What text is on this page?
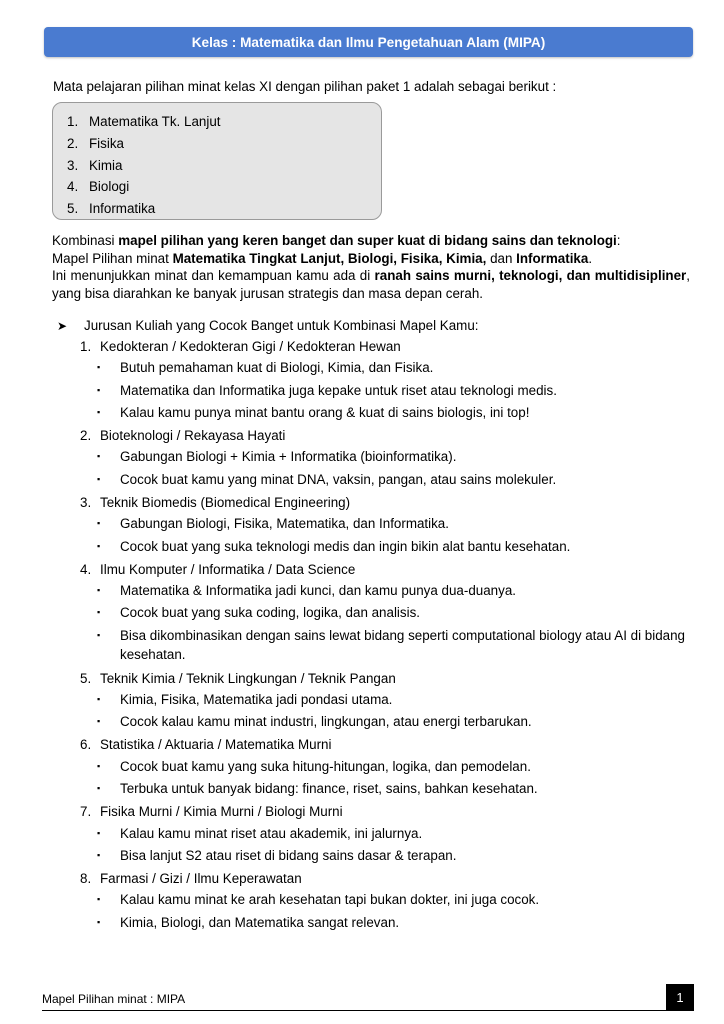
Kelas : Matematika dan Ilmu Pengetahuan Alam (MIPA)
Mata pelajaran pilihan minat kelas XI dengan pilihan paket 1 adalah sebagai berikut :
1. Matematika Tk. Lanjut
2. Fisika
3. Kimia
4. Biologi
5. Informatika

Kombinasi mapel pilihan yang keren banget dan super kuat di bidang sains dan teknologi:

Mapel Pilihan minat Matematika Tingkat Lanjut, Biologi, Fisika, Kimia, dan Informatika.

Ini menunjukkan minat dan kemampuan kamu ada di ranah sains murni, teknologi, dan multidisipliner, yang bisa diarahkan ke banyak jurusan strategis dan masa depan cerah.

➤	Jurusan Kuliah yang Cocok Banget untuk Kombinasi Mapel Kamu:
1. Kedokteran / Kedokteran Gigi / Kedokteran Hewan
▪	Butuh pemahaman kuat di Biologi, Kimia, dan Fisika.
▪	Matematika dan Informatika juga kepake untuk riset atau teknologi medis.
▪	Kalau kamu punya minat bantu orang & kuat di sains biologis, ini top!
2. Bioteknologi / Rekayasa Hayati
▪	Gabungan Biologi + Kimia + Informatika (bioinformatika).
▪	Cocok buat kamu yang minat DNA, vaksin, pangan, atau sains molekuler.
3. Teknik Biomedis (Biomedical Engineering)
▪	Gabungan Biologi, Fisika, Matematika, dan Informatika.
▪	Cocok buat yang suka teknologi medis dan ingin bikin alat bantu kesehatan.
4. Ilmu Komputer / Informatika / Data Science
▪	Matematika & Informatika jadi kunci, dan kamu punya dua-duanya.
▪	Cocok buat yang suka coding, logika, dan analisis.
▪	Bisa dikombinasikan dengan sains lewat bidang seperti computational biology atau AI di bidang kesehatan.
5. Teknik Kimia / Teknik Lingkungan / Teknik Pangan
▪	Kimia, Fisika, Matematika jadi pondasi utama.
▪	Cocok kalau kamu minat industri, lingkungan, atau energi terbarukan.
6. Statistika / Aktuaria / Matematika Murni
▪	Cocok buat kamu yang suka hitung-hitungan, logika, dan pemodelan.
▪	Terbuka untuk banyak bidang: finance, riset, sains, bahkan kesehatan.
7. Fisika Murni / Kimia Murni / Biologi Murni
▪	Kalau kamu minat riset atau akademik, ini jalurnya.
▪	Bisa lanjut S2 atau riset di bidang sains dasar & terapan.
8. Farmasi / Gizi / Ilmu Keperawatan
▪	Kalau kamu minat ke arah kesehatan tapi bukan dokter, ini juga cocok.
▪	Kimia, Biologi, dan Matematika sangat relevan.
Mapel Pilihan minat : MIPA	1
